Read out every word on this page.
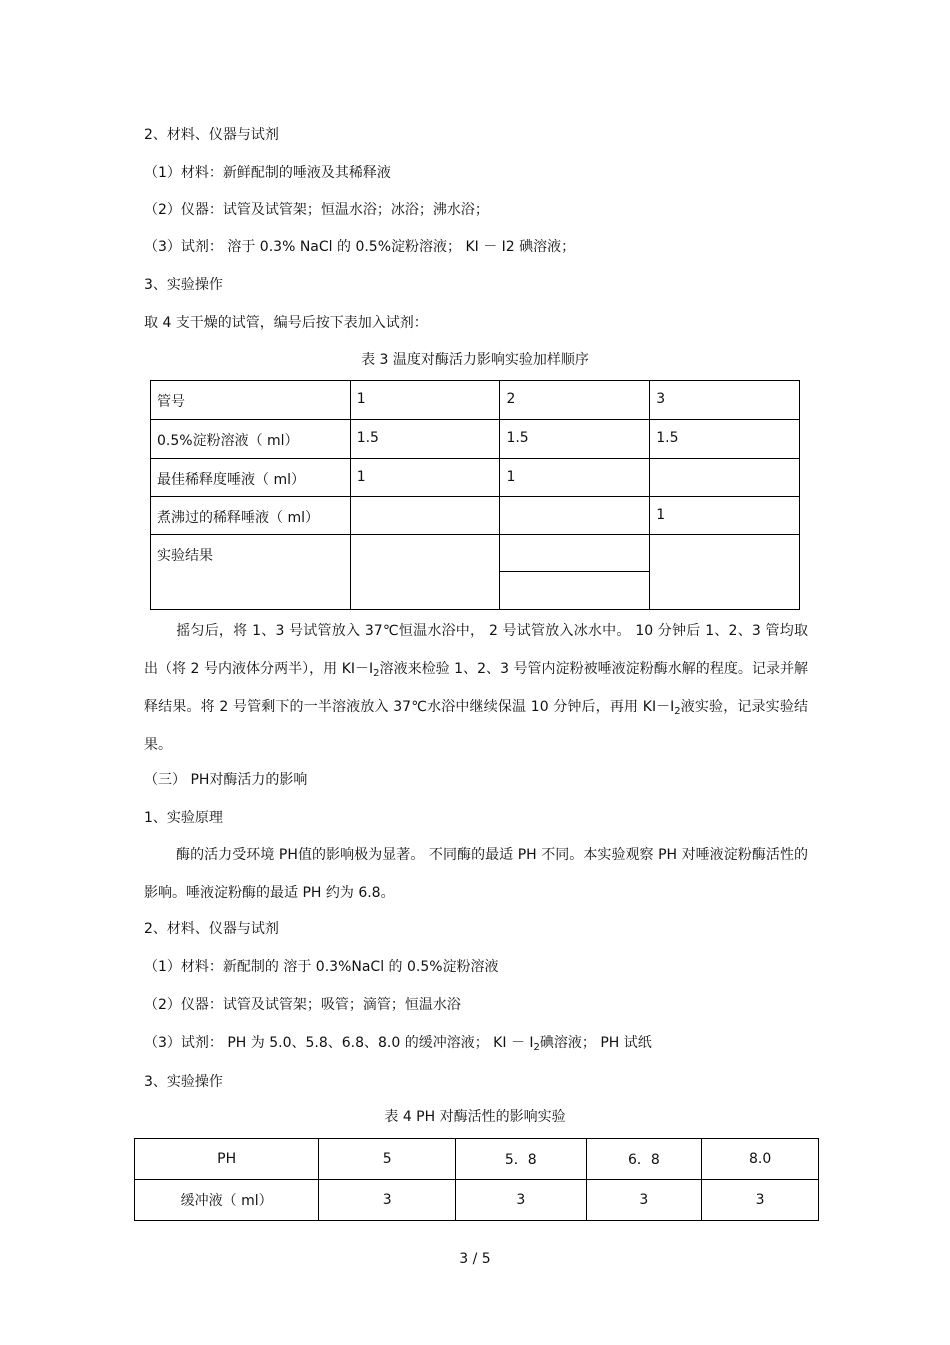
2、材料、仪器与试剂
（1）材料：新鲜配制的唾液及其稀释液
（2）仪器：试管及试管架；恒温水浴；冰浴；沸水浴；
（3）试剂： 溶于 0.3% NaCl 的 0.5%淀粉溶液； KI － I2 碘溶液；
3、实验操作
取 4 支干燥的试管，编号后按下表加入试剂：
表 3 温度对酶活力影响实验加样顺序
管号	1	2	3
0.5%淀粉溶液（ ml）	1.5	1.5	1.5
最佳稀释度唾液（ ml）	1	1	
煮沸过的稀释唾液（ ml）			1
实验结果			

摇匀后，将 1、3 号试管放入 37℃恒温水浴中， 2 号试管放入冰水中。 10 分钟后 1、2、3 管均取出（将 2 号内液体分两半），用 $KI-I_2$溶液来检验 1、2、3 号管内淀粉被唾液淀粉酶水解的程度。记录并解释结果。将 2 号管剩下的一半溶液放入 37℃水浴中继续保温 10 分钟后，再用 $KI-I_2$液实验，记录实验结果。
（三） PH对酶活力的影响
1、实验原理
酶的活力受环境 PH值的影响极为显著。 不同酶的最适 PH 不同。本实验观察 PH 对唾液淀粉酶活性的影响。唾液淀粉酶的最适 PH 约为 6.8。
2、材料、仪器与试剂
（1）材料：新配制的 溶于 0.3%NaCl 的 0.5%淀粉溶液
（2）仪器：试管及试管架；吸管；滴管；恒温水浴
（3）试剂： PH 为 5.0、5.8、6.8、8.0 的缓冲溶液； KI － $I_2$碘溶液； PH 试纸
3、实验操作
表 4 PH 对酶活性的影响实验
PH	5	5．8	6．8	8.0
缓冲液（ ml）	3	3	3	3
3 / 5
